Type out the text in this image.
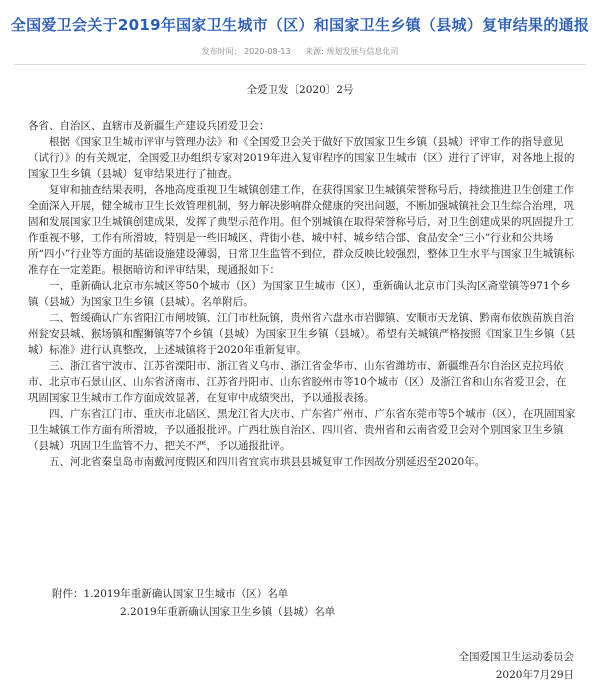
全国爱卫会关于2019年国家卫生城市（区）和国家卫生乡镇（县城）复审结果的通报
发布时间： 2020-08-13 来源: 规划发展与信息化司
全爱卫发〔2020〕2号

各省、自治区、直辖市及新疆生产建设兵团爱卫会：

根据《国家卫生城市评审与管理办法》和《全国爱卫会关于做好下放国家卫生乡镇（县城）评审工作的指导意见（试行）》的有关规定，全国爱卫办组织专家对2019年进入复审程序的国家卫生城市（区）进行了评审，对各地上报的国家卫生乡镇（县城）复审结果进行了抽查。

复审和抽查结果表明，各地高度重视卫生城镇创建工作，在获得国家卫生城镇荣誉称号后，持续推进卫生创建工作全面深入开展，健全城市卫生长效管理机制，努力解决影响群众健康的突出问题，不断加强城镇社会卫生综合治理，巩固和发展国家卫生城镇创建成果，发挥了典型示范作用。但个别城镇在取得荣誉称号后，对卫生创建成果的巩固提升工作重视不够，工作有所滑坡，特别是一些旧城区、背街小巷、城中村、城乡结合部、食品安全“三小”行业和公共场所“四小”行业等方面的基础设施建设薄弱，日常卫生监管不到位，群众反映比较强烈，整体卫生水平与国家卫生城镇标准存在一定差距。根据暗访和评审结果，现通报如下：

一、重新确认北京市东城区等50个城市（区）为国家卫生城市（区），重新确认北京市门头沟区斋堂镇等971个乡镇（县城）为国家卫生乡镇（县城）。名单附后。

二、暂缓确认广东省阳江市闸坡镇、江门市杜阮镇，贵州省六盘水市岩脚镇、安顺市天龙镇、黔南布依族苗族自治州瓮安县城、猴场镇和醒狮镇等7个乡镇（县城）为国家卫生乡镇（县城）。希望有关城镇严格按照《国家卫生乡镇（县城）标准》进行认真整改，上述城镇将于2020年重新复审。

三、浙江省宁波市、江苏省溧阳市、浙江省义乌市、浙江省金华市、山东省潍坊市、新疆维吾尔自治区克拉玛依市、北京市石景山区、山东省济南市、江苏省丹阳市、山东省胶州市等10个城市（区）及浙江省和山东省爱卫会，在巩固国家卫生城市工作方面成效显著，在复审中成绩突出，予以通报表扬。

四、广东省江门市、重庆市北碚区、黑龙江省大庆市、广东省广州市、广东省东莞市等5个城市（区），在巩固国家卫生城镇工作方面有所滑坡，予以通报批评。广西壮族自治区、四川省、贵州省和云南省爱卫会对个别国家卫生乡镇（县城）巩固卫生监管不力、把关不严，予以通报批评。

五、河北省秦皇岛市南戴河度假区和四川省宜宾市珙县县城复审工作因故分别延迟至2020年。

附件：1.2019年重新确认国家卫生城市（区）名单
2.2019年重新确认国家卫生乡镇（县城）名单
全国爱国卫生运动委员会
2020年7月29日
